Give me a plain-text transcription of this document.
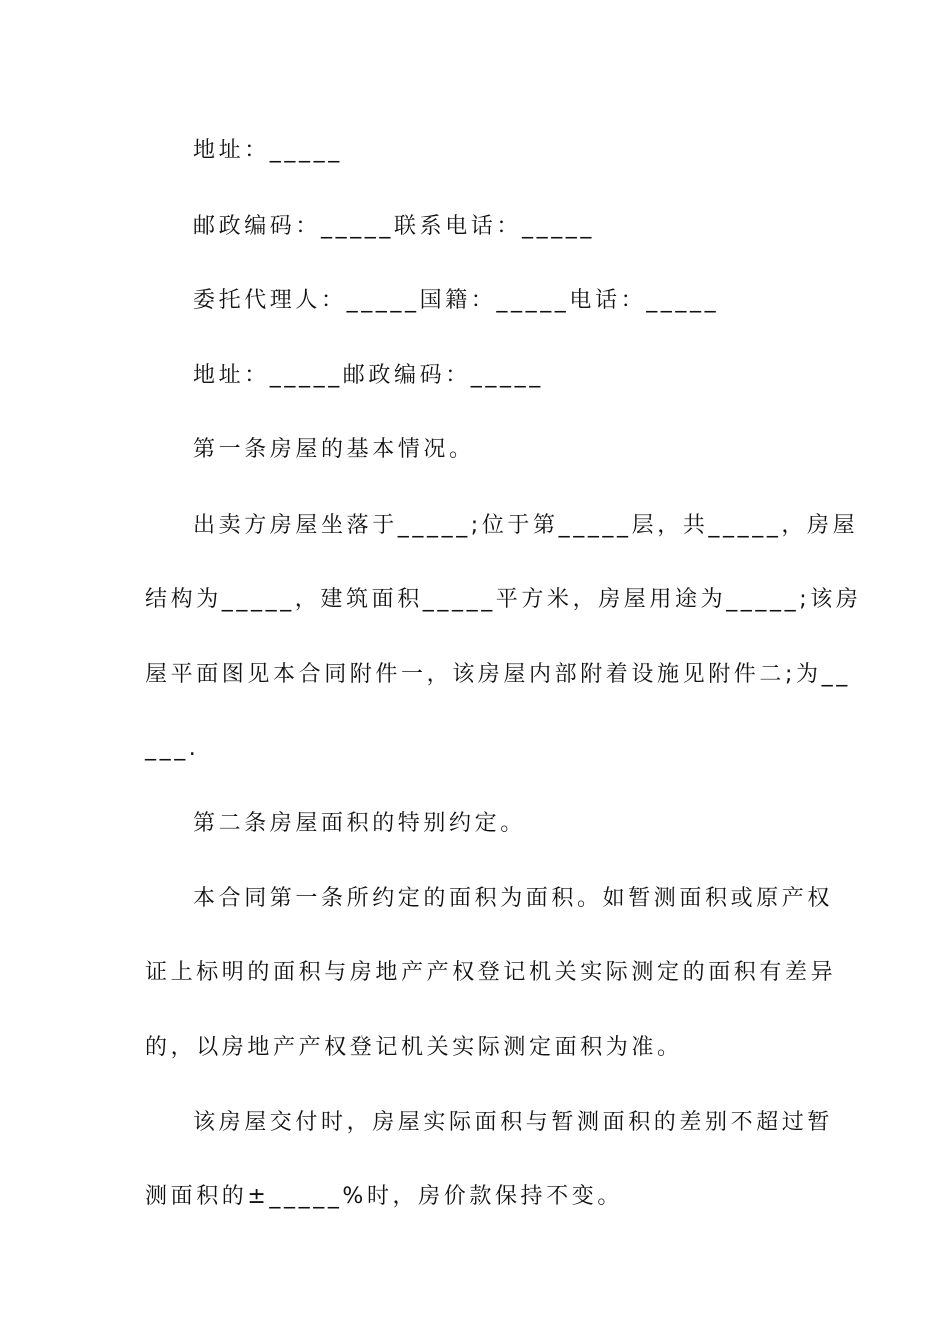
地址：_____
邮政编码：_____联系电话：_____
委托代理人：_____国籍：_____电话：_____
地址：_____邮政编码：_____
第一条房屋的基本情况。
出卖方房屋坐落于_____;位于第_____层，共_____，房屋
结构为_____，建筑面积_____平方米，房屋用途为_____;该房
屋平面图见本合同附件一，该房屋内部附着设施见附件二;为__
___.
第二条房屋面积的特别约定。
本合同第一条所约定的面积为面积。如暂测面积或原产权
证上标明的面积与房地产产权登记机关实际测定的面积有差异
的，以房地产产权登记机关实际测定面积为准。
该房屋交付时，房屋实际面积与暂测面积的差别不超过暂
测面积的±_____%时，房价款保持不变。
